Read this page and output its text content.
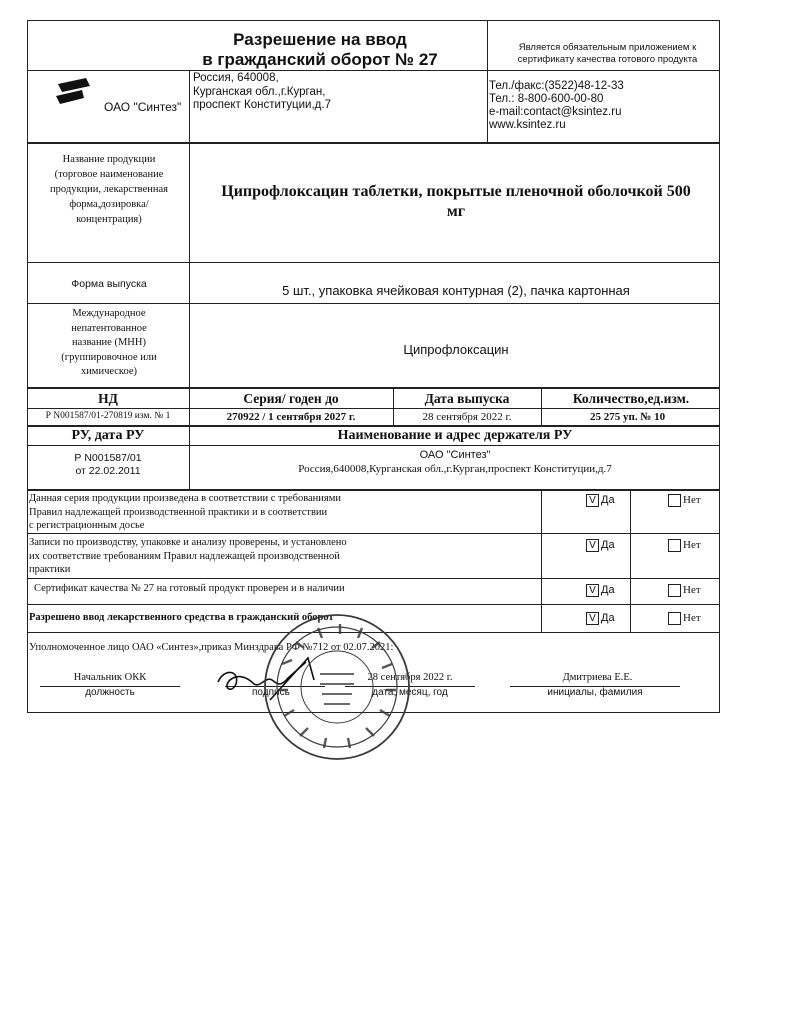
Разрешение на ввод
в гражданский оборот № 27
Является обязательным приложением к сертификату качества готового продукта
ОАО "Синтез"
Россия, 640008,
Курганская обл.,г.Курган,
проспект Конституции,д.7
Тел./факс:(3522)48-12-33
Тел.: 8-800-600-00-80
e-mail:contact@ksintez.ru
www.ksintez.ru
Название продукции
(торговое наименование
продукции, лекарственная
форма,дозировка/
концентрация)
Ципрофлоксацин таблетки, покрытые пленочной оболочкой 500
мг
Форма выпуска	5 шт., упаковка ячейковая контурная (2), пачка картонная
Международное
непатентованное
название (МНН)
(группировочное или
химическое)
Ципрофлоксацин
НД	Серия/ годен до	Дата выпуска	Количество,ед.изм.
Р N001587/01-270819 изм. № 1	270922 / 1 сентября 2027 г.	28 сентября 2022 г.	25 275 уп. № 10
РУ, дата РУ	Наименование и адрес держателя РУ
Р N001587/01
от 22.02.2011
ОАО "Синтез"
Россия,640008,Курганская обл.,г.Курган,проспект Конституции,д.7
Данная серия продукции произведена в соответствии с требованиями
Правил надлежащей производственной практики и в соответствии
с регистрационным досье
V Да	Нет
Записи по производству, упаковке и анализу проверены, и установлено
их соответствие требованиям Правил надлежащей производственной
практики
V Да	Нет
Сертификат качества № 27 на готовый продукт проверен и в наличии	V Да	Нет
Разрешено ввод лекарственного средства в гражданский оборот	V Да	Нет
Уполномоченное лицо ОАО «Синтез»,приказ Минздрава РФ №712 от 02.07.2021:
Начальник ОКК
должность	подпись
28 сентября 2022 г.
дата, месяц, год
Дмитриева Е.Е.
инициалы, фамилия
